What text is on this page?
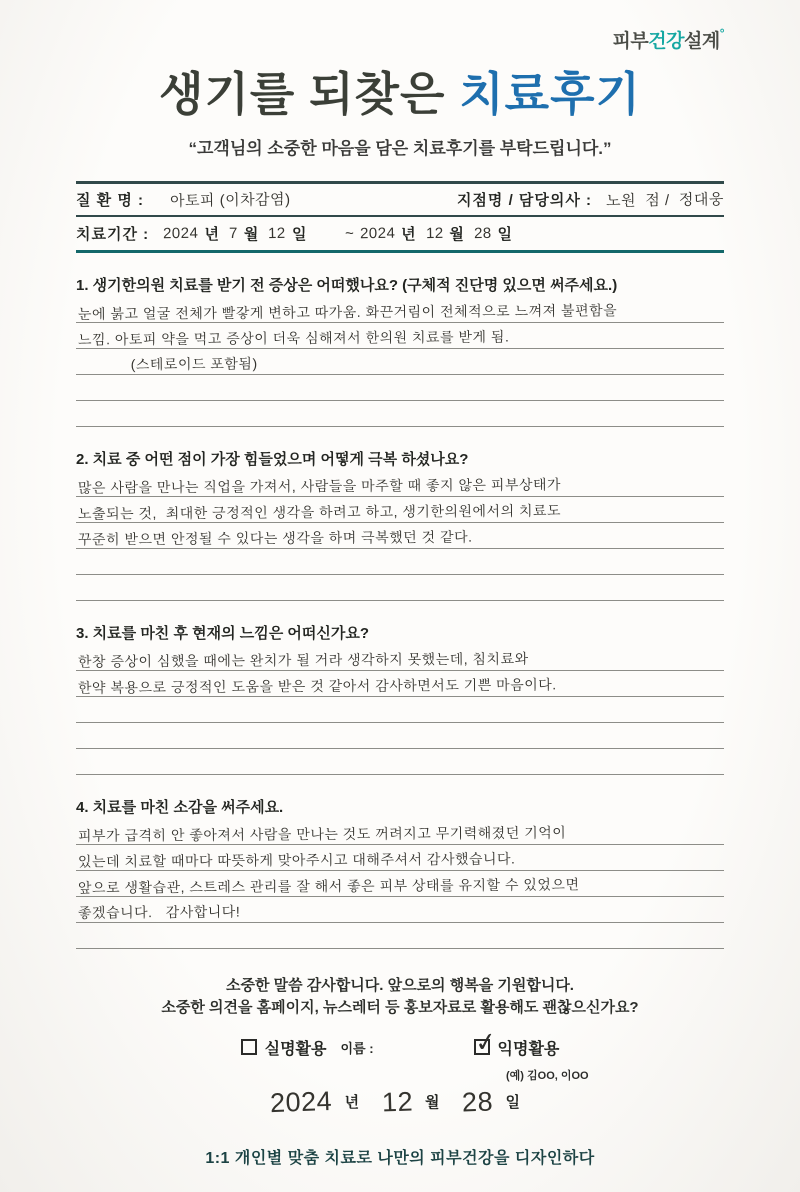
피부건강설계°
생기를 되찾은 치료후기
“고객님의 소중한 마음을 담은 치료후기를 부탁드립니다.”
질 환 명 : 아토피 (이차감염)	지점명 / 담당의사 : 노원  점 /  정대웅
치료기간 : 2024 년 7 월 12 일	~ 2024 년 12 월 28 일
1. 생기한의원 치료를 받기 전 증상은 어떠했나요? (구체적 진단명 있으면 써주세요.)
눈에 붉고 얼굴 전체가 빨갛게 변하고 따가움. 화끈거림이 전체적으로 느껴져 불편함을
느낌. 아토피 약을 먹고 증상이 더욱 심해져서 한의원 치료를 받게 됨.
(스테로이드 포함됨)
2. 치료 중 어떤 점이 가장 힘들었으며 어떻게 극복 하셨나요?
많은 사람을 만나는 직업을 가져서, 사람들을 마주할 때 좋지 않은 피부상태가
노출되는 것,  최대한 긍정적인 생각을 하려고 하고, 생기한의원에서의 치료도
꾸준히 받으면 안정될 수 있다는 생각을 하며 극복했던 것 같다.
3. 치료를 마친 후 현재의 느낌은 어떠신가요?
한창 증상이 심했을 때에는 완치가 될 거라 생각하지 못했는데, 침치료와
한약 복용으로 긍정적인 도움을 받은 것 같아서 감사하면서도 기쁜 마음이다.
4. 치료를 마친 소감을 써주세요.
피부가 급격히 안 좋아져서 사람을 만나는 것도 꺼려지고 무기력해졌던 기억이
있는데 치료할 때마다 따뜻하게 맞아주시고 대해주셔서 감사했습니다.
앞으로 생활습관, 스트레스 관리를 잘 해서 좋은 피부 상태를 유지할 수 있었으면
좋겠습니다.   감사합니다!
소중한 말씀 감사합니다. 앞으로의 행복을 기원합니다.
소중한 의견을 홈페이지, 뉴스레터 등 홍보자료로 활용해도 괜찮으신가요?
실명활용 이름 :	✓ 익명활용
(예) 김OO, 이OO
2024 년 12 월 28 일
1:1 개인별 맞춤 치료로 나만의 피부건강을 디자인하다
